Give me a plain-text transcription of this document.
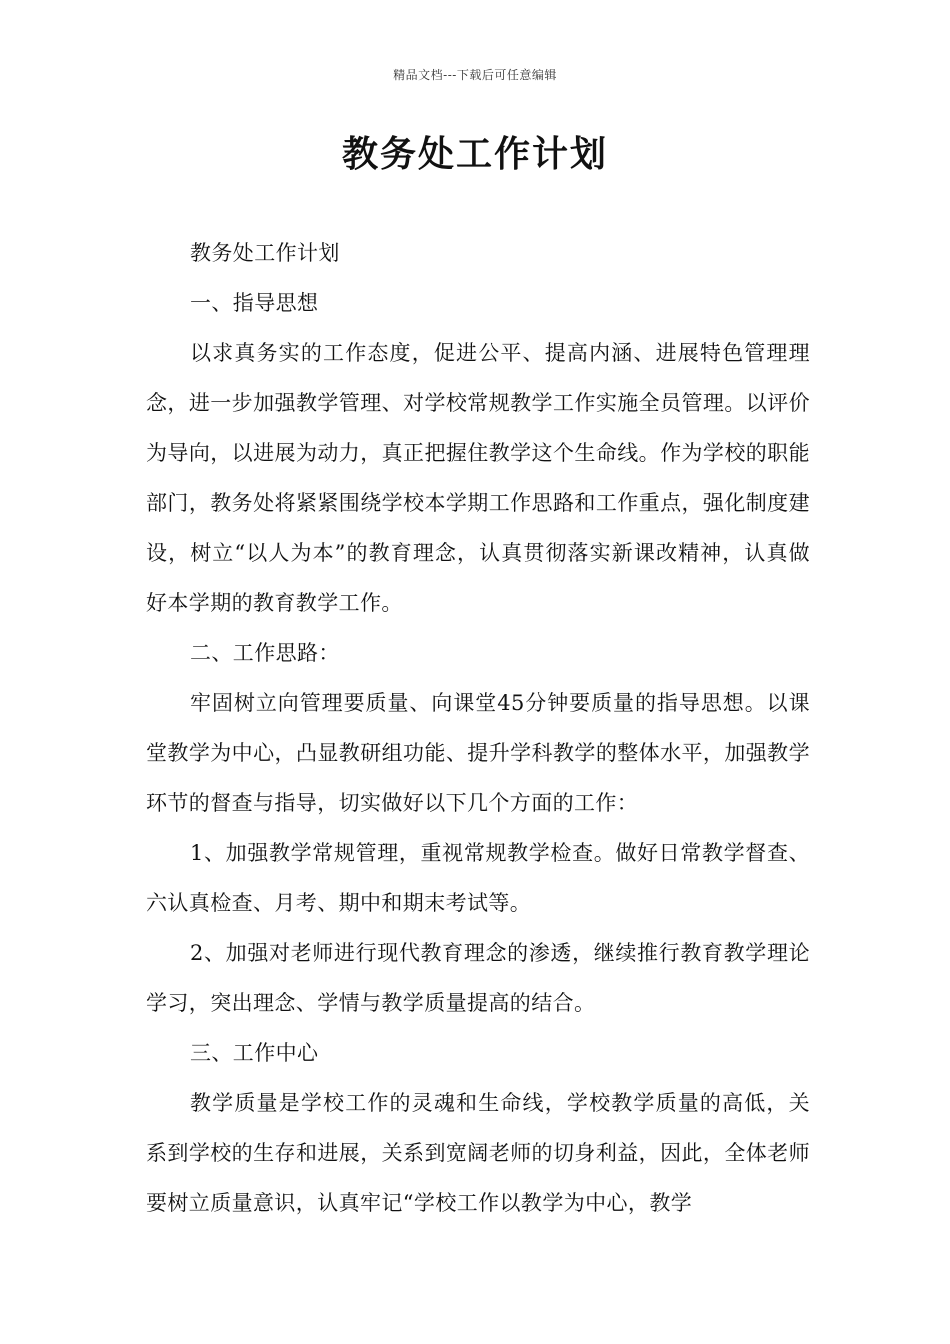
精品文档---下载后可任意编辑
教务处工作计划

教务处工作计划

一、指导思想

以求真务实的工作态度，促进公平、提高内涵、进展特色管理理念，进一步加强教学管理、对学校常规教学工作实施全员管理。以评价为导向，以进展为动力，真正把握住教学这个生命线。作为学校的职能部门，教务处将紧紧围绕学校本学期工作思路和工作重点，强化制度建设，树立“以人为本”的教育理念，认真贯彻落实新课改精神，认真做好本学期的教育教学工作。

二、工作思路：

牢固树立向管理要质量、向课堂45分钟要质量的指导思想。以课堂教学为中心，凸显教研组功能、提升学科教学的整体水平，加强教学环节的督查与指导，切实做好以下几个方面的工作：

1、加强教学常规管理，重视常规教学检查。做好日常教学督查、六认真检查、月考、期中和期末考试等。

2、加强对老师进行现代教育理念的渗透，继续推行教育教学理论学习，突出理念、学情与教学质量提高的结合。

三、工作中心

教学质量是学校工作的灵魂和生命线，学校教学质量的高低，关系到学校的生存和进展，关系到宽阔老师的切身利益，因此，全体老师要树立质量意识，认真牢记“学校工作以教学为中心，教学
